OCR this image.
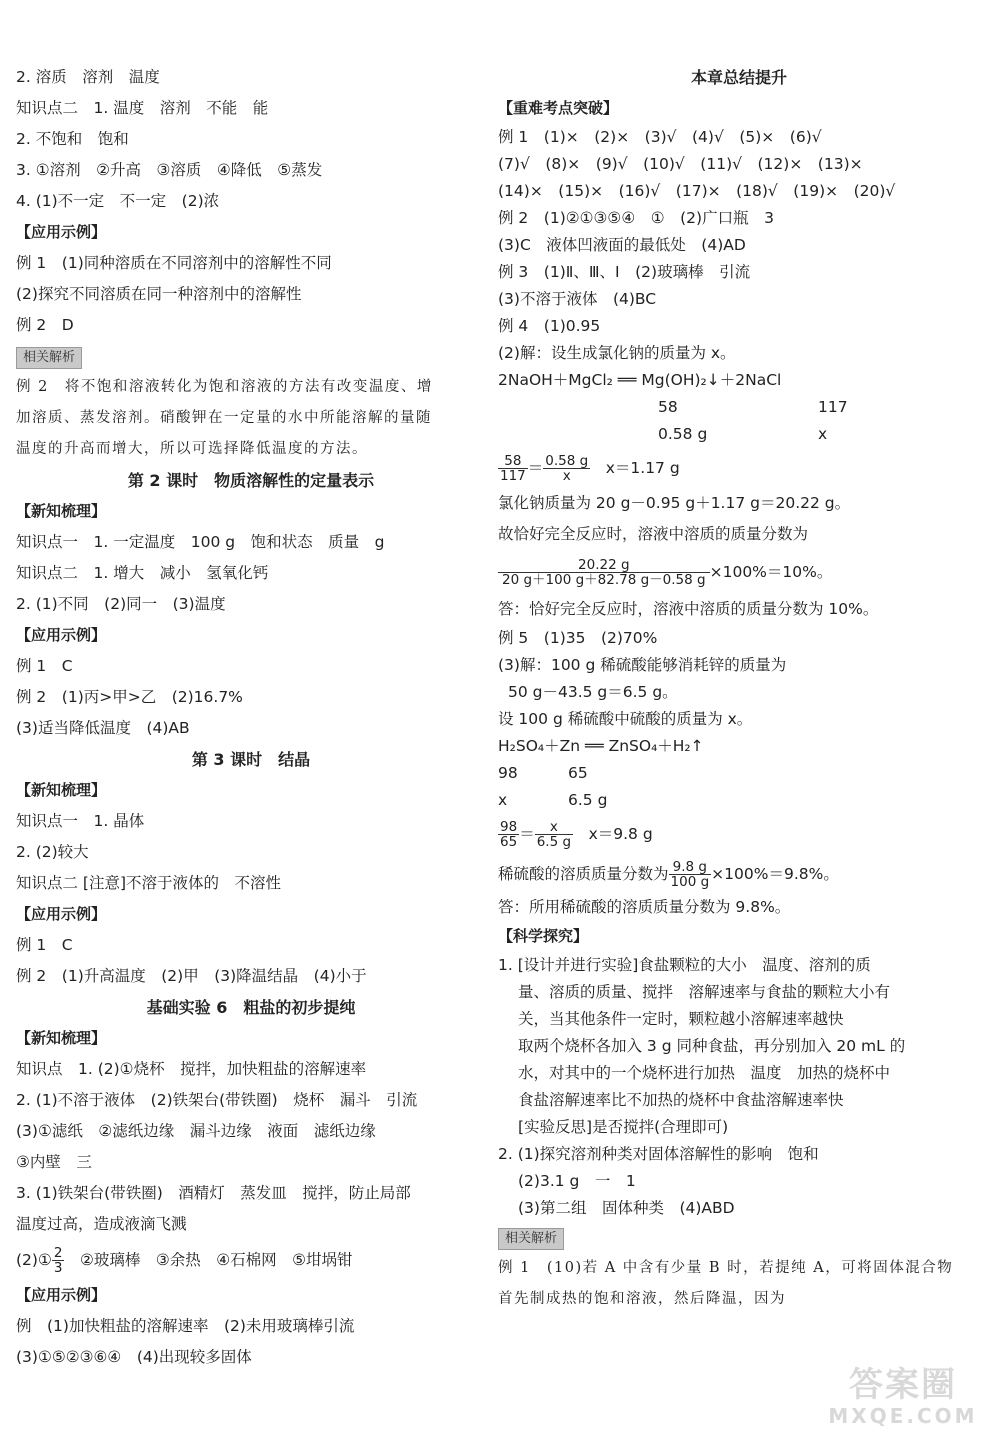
2. 溶质　溶剂　温度
知识点二　1. 温度　溶剂　不能　能
2. 不饱和　饱和
3. ①溶剂　②升高　③溶质　④降低　⑤蒸发
4. (1)不一定　不一定　(2)浓
【应用示例】
例 1　(1)同种溶质在不同溶剂中的溶解性不同
(2)探究不同溶质在同一种溶剂中的溶解性
例 2　D
相关解析
例 2　将不饱和溶液转化为饱和溶液的方法有改变温度、增
加溶质、蒸发溶剂。硝酸钾在一定量的水中所能溶解的量随
温度的升高而增大，所以可选择降低温度的方法。
第 2 课时　物质溶解性的定量表示
【新知梳理】
知识点一　1. 一定温度　100 g　饱和状态　质量　g
知识点二　1. 增大　减小　氢氧化钙
2. (1)不同　(2)同一　(3)温度
【应用示例】
例 1　C
例 2　(1)丙>甲>乙　(2)16.7%
(3)适当降低温度　(4)AB
第 3 课时　结晶
【新知梳理】
知识点一　1. 晶体
2. (2)较大
知识点二 [注意]不溶于液体的　不溶性
【应用示例】
例 1　C
例 2　(1)升高温度　(2)甲　(3)降温结晶　(4)小于
基础实验 6　粗盐的初步提纯
【新知梳理】
知识点　1. (2)①烧杯　搅拌，加快粗盐的溶解速率
2. (1)不溶于液体　(2)铁架台(带铁圈)　烧杯　漏斗　引流
(3)①滤纸　②滤纸边缘　漏斗边缘　液面　滤纸边缘
③内壁　三
3. (1)铁架台(带铁圈)　酒精灯　蒸发皿　搅拌，防止局部
温度过高，造成液滴飞溅
(2)① $\frac{2}{3}$
　 ②玻璃棒　③余热　④石棉网　⑤坩埚钳
【应用示例】
例　(1)加快粗盐的溶解速率　(2)未用玻璃棒引流
(3)①⑤②③⑥④　(4)出现较多固体
本章总结提升
【重难考点突破】
例 1　(1)×　(2)×　(3)√　(4)√　(5)×　(6)√
(7)√　(8)×　(9)√　(10)√　(11)√　(12)×　(13)×
(14)×　(15)×　(16)√　(17)×　(18)√　(19)×　(20)√
例 2　(1)②①③⑤④　①　(2)广口瓶　3
(3)C　液体凹液面的最低处　(4)AD
例 3　(1)Ⅱ、Ⅲ、Ⅰ　(2)玻璃棒　引流
(3)不溶于液体　(4)BC
例 4　(1)0.95
(2)解：设生成氯化钠的质量为 x。
2NaOH＋MgCl₂ ══ Mg(OH)₂↓＋2NaCl
58	117
0.58 g	x
$\frac{58}{117} = \frac{0.58 g}{x}$
　 x＝1.17 g
氯化钠质量为 20 g－0.95 g＋1.17 g＝20.22 g。
故恰好完全反应时，溶液中溶质的质量分数为
$\frac{20.22 g}{20 g+100 g+82.78 g-0.58 g} \times 100\%=10\%$。
答：恰好完全反应时，溶液中溶质的质量分数为 10%。
例 5　(1)35　(2)70%
(3)解：100 g 稀硫酸能够消耗锌的质量为
50 g－43.5 g＝6.5 g。
设 100 g 稀硫酸中硫酸的质量为 x。
H₂SO₄＋Zn ══ ZnSO₄＋H₂↑
98	65
x	6.5 g
$\frac{98}{65} = \frac{x}{6.5 g}$
　 x＝9.8 g
稀硫酸的溶质质量分数为 $\frac{9.8 g}{100 g} \times 100\%=9.8\%$。
答：所用稀硫酸的溶质质量分数为 9.8%。
【科学探究】
1. [设计并进行实验]食盐颗粒的大小　温度、溶剂的质
量、溶质的质量、搅拌　溶解速率与食盐的颗粒大小有
关，当其他条件一定时，颗粒越小溶解速率越快
取两个烧杯各加入 3 g 同种食盐，再分别加入 20 mL 的
水，对其中的一个烧杯进行加热　温度　加热的烧杯中
食盐溶解速率比不加热的烧杯中食盐溶解速率快
[实验反思]是否搅拌(合理即可)
2. (1)探究溶剂种类对固体溶解性的影响　饱和
(2)3.1 g　一　1
(3)第二组　固体种类　(4)ABD
相关解析
例 1　(10)若 A 中含有少量 B 时，若提纯 A，可将固体混合物
首先制成热的饱和溶液，然后降温，因为
答案圈
MXQE.COM
